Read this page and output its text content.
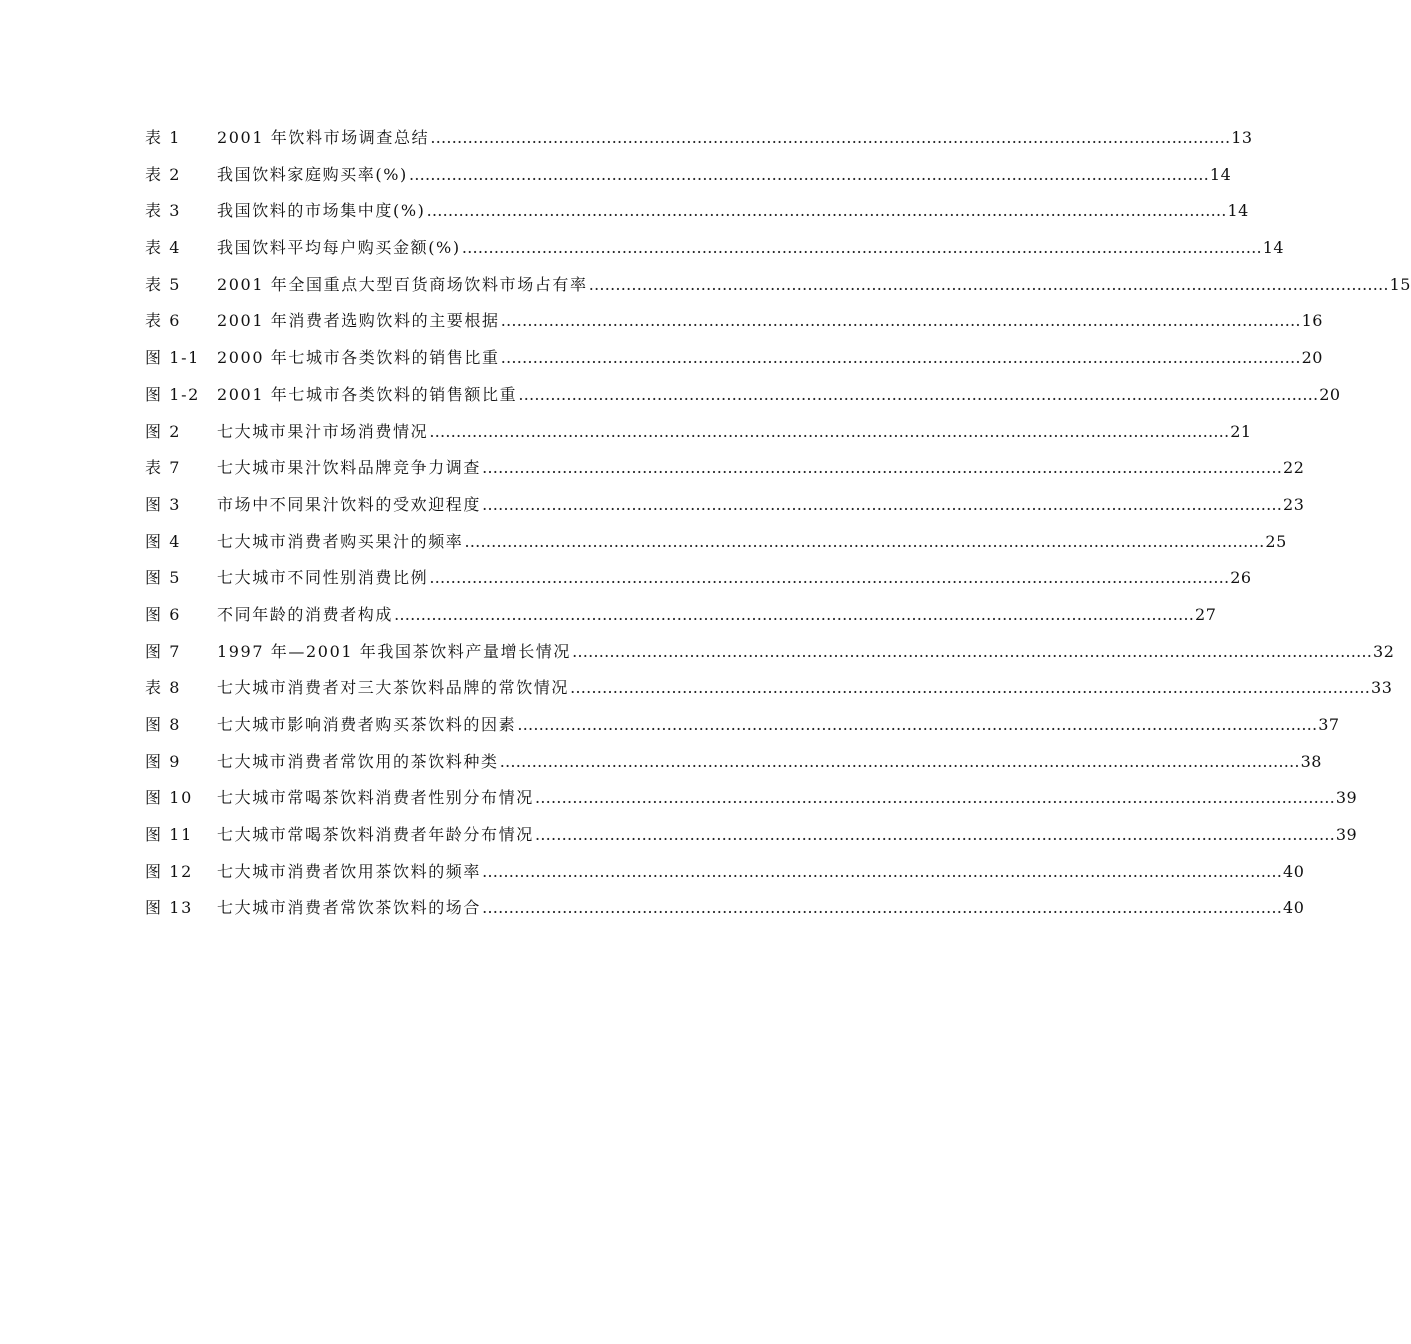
表 1	2001 年饮料市场调查总结 …………………………………………………………………………………………………………………………………… 13
表 2	我国饮料家庭购买率(%) …………………………………………………………………………………………………………………………………… 14
表 3	我国饮料的市场集中度(%) …………………………………………………………………………………………………………………………………… 14
表 4	我国饮料平均每户购买金额(%) …………………………………………………………………………………………………………………………………… 14
表 5	2001 年全国重点大型百货商场饮料市场占有率 …………………………………………………………………………………………………………………………………… 15
表 6	2001 年消费者选购饮料的主要根据 …………………………………………………………………………………………………………………………………… 16
图 1-1	2000 年七城市各类饮料的销售比重 …………………………………………………………………………………………………………………………………… 20
图 1-2	2001 年七城市各类饮料的销售额比重 …………………………………………………………………………………………………………………………………… 20
图 2	七大城市果汁市场消费情况 …………………………………………………………………………………………………………………………………… 21
表 7	七大城市果汁饮料品牌竞争力调查 …………………………………………………………………………………………………………………………………… 22
图 3	市场中不同果汁饮料的受欢迎程度 …………………………………………………………………………………………………………………………………… 23
图 4	七大城市消费者购买果汁的频率 …………………………………………………………………………………………………………………………………… 25
图 5	七大城市不同性别消费比例 …………………………………………………………………………………………………………………………………… 26
图 6	不同年龄的消费者构成 …………………………………………………………………………………………………………………………………… 27
图 7	1997 年—2001 年我国茶饮料产量增长情况 …………………………………………………………………………………………………………………………………… 32
表 8	七大城市消费者对三大茶饮料品牌的常饮情况 …………………………………………………………………………………………………………………………………… 33
图 8	七大城市影响消费者购买茶饮料的因素 …………………………………………………………………………………………………………………………………… 37
图 9	七大城市消费者常饮用的茶饮料种类 …………………………………………………………………………………………………………………………………… 38
图 10	七大城市常喝茶饮料消费者性别分布情况 …………………………………………………………………………………………………………………………………… 39
图 11	七大城市常喝茶饮料消费者年龄分布情况 …………………………………………………………………………………………………………………………………… 39
图 12	七大城市消费者饮用茶饮料的频率 …………………………………………………………………………………………………………………………………… 40
图 13	七大城市消费者常饮茶饮料的场合 …………………………………………………………………………………………………………………………………… 40
